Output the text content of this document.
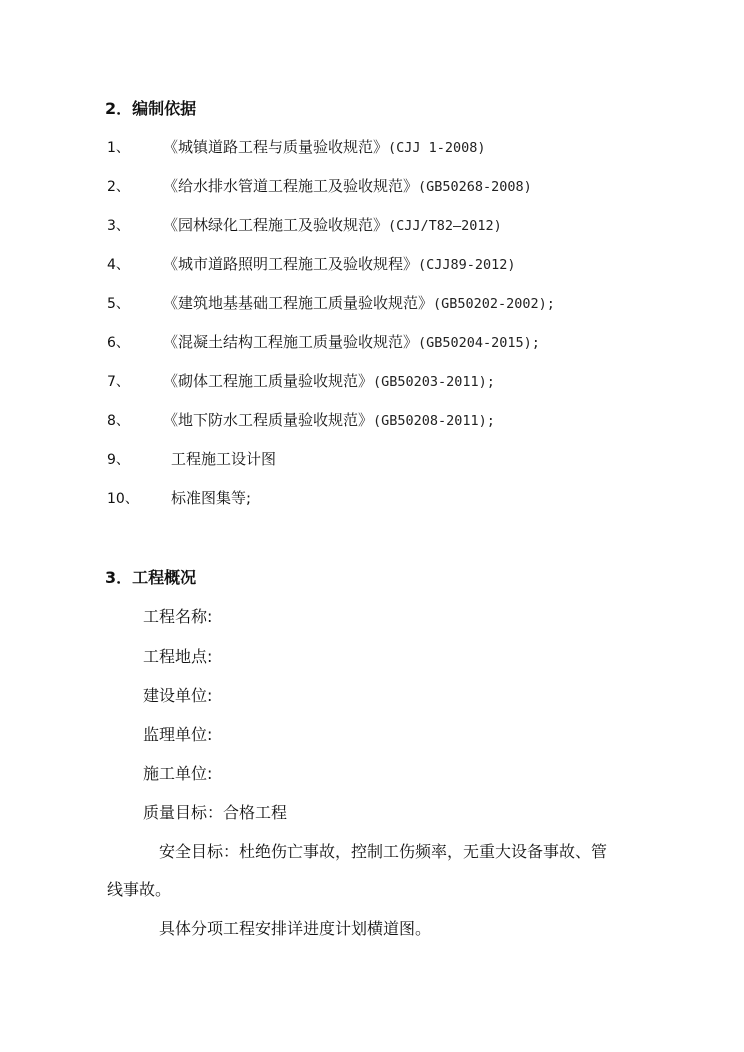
2．编制依据
1、 《城镇道路工程与质量验收规范》(CJJ 1-2008)
2、 《给水排水管道工程施工及验收规范》(GB50268-2008)
3、 《园林绿化工程施工及验收规范》(CJJ/T82—2012)
4、 《城市道路照明工程施工及验收规程》(CJJ89-2012)
5、 《建筑地基基础工程施工质量验收规范》(GB50202-2002);
6、 《混凝土结构工程施工质量验收规范》(GB50204-2015);
7、 《砌体工程施工质量验收规范》(GB50203-2011);
8、 《地下防水工程质量验收规范》(GB50208-2011);
9、	工程施工设计图
10、 标准图集等;
3．工程概况
工程名称:
工程地点:
建设单位:
监理单位:
施工单位:
质量目标：合格工程
安全目标：杜绝伤亡事故，控制工伤频率，无重大设备事故、管
线事故。
具体分项工程安排详进度计划横道图。
